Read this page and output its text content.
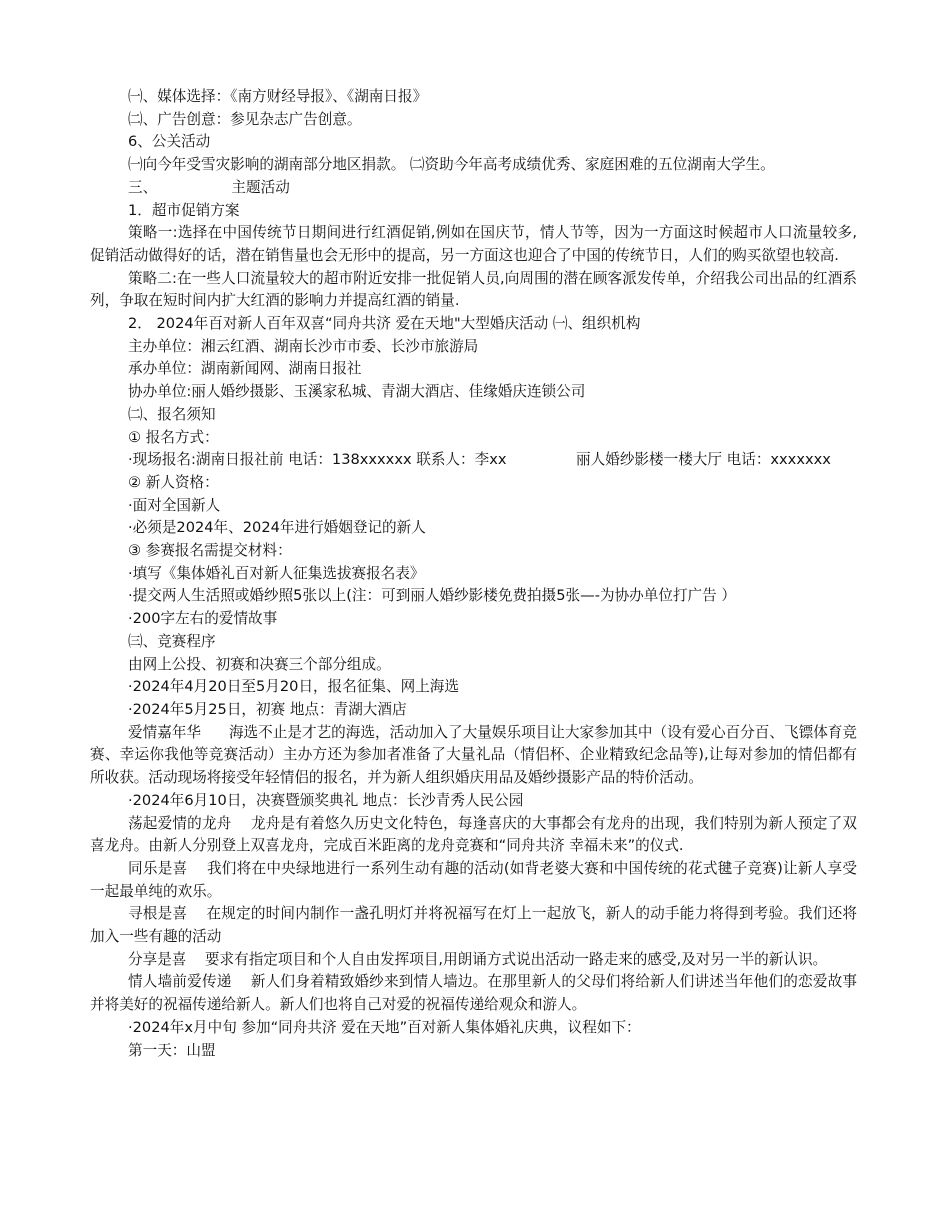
㈠、媒体选择：《南方财经导报》、《湖南日报》

㈡、广告创意：参见杂志广告创意。

6、公关活动

㈠向今年受雪灾影响的湖南部分地区捐款。 ㈡资助今年高考成绩优秀、家庭困难的五位湖南大学生。

三、                主题活动

1．超市促销方案

策略一:选择在中国传统节日期间进行红酒促销,例如在国庆节，情人节等，因为一方面这时候超市人口流量较多,促销活动做得好的话，潜在销售量也会无形中的提高，另一方面这也迎合了中国的传统节日，人们的购买欲望也较高.

策略二:在一些人口流量较大的超市附近安排一批促销人员,向周围的潜在顾客派发传单，介绍我公司出品的红酒系列，争取在短时间内扩大红酒的影响力并提高红酒的销量.

2． 2024年百对新人百年双喜“同舟共济 爱在天地"大型婚庆活动 ㈠、组织机构

主办单位：湘云红酒、湖南长沙市市委、长沙市旅游局

承办单位：湖南新闻网、湖南日报社

协办单位:丽人婚纱摄影、玉溪家私城、青湖大酒店、佳缘婚庆连锁公司

㈡、报名须知

① 报名方式：

·现场报名:湖南日报社前 电话：138xxxxxx 联系人：李xx               丽人婚纱影楼一楼大厅 电话：xxxxxxx

② 新人资格：

·面对全国新人

·必须是2024年、2024年进行婚姻登记的新人

③ 参赛报名需提交材料：

·填写《集体婚礼百对新人征集选拔赛报名表》

·提交两人生活照或婚纱照5张以上(注：可到丽人婚纱影楼免费拍摄5张—-为协办单位打广告 ）

·200字左右的爱情故事

㈢、竞赛程序

由网上公投、初赛和决赛三个部分组成。

·2024年4月20日至5月20日，报名征集、网上海选

·2024年5月25日，初赛 地点：青湖大酒店

爱情嘉年华      海选不止是才艺的海选，活动加入了大量娱乐项目让大家参加其中（设有爱心百分百、飞镖体育竞赛、幸运你我他等竞赛活动）主办方还为参加者准备了大量礼品（情侣杯、企业精致纪念品等),让每对参加的情侣都有所收获。活动现场将接受年轻情侣的报名，并为新人组织婚庆用品及婚纱摄影产品的特价活动。

·2024年6月10日，决赛暨颁奖典礼 地点：长沙青秀人民公园

荡起爱情的龙舟    龙舟是有着悠久历史文化特色，每逢喜庆的大事都会有龙舟的出现，我们特别为新人预定了双喜龙舟。由新人分别登上双喜龙舟，完成百米距离的龙舟竞赛和“同舟共济 幸福未来”的仪式.

同乐是喜    我们将在中央绿地进行一系列生动有趣的活动(如背老婆大赛和中国传统的花式毽子竞赛)让新人享受一起最单纯的欢乐。

寻根是喜    在规定的时间内制作一盏孔明灯并将祝福写在灯上一起放飞，新人的动手能力将得到考验。我们还将加入一些有趣的活动

分享是喜    要求有指定项目和个人自由发挥项目,用朗诵方式说出活动一路走来的感受,及对另一半的新认识。

情人墙前爱传递    新人们身着精致婚纱来到情人墙边。在那里新人的父母们将给新人们讲述当年他们的恋爱故事并将美好的祝福传递给新人。新人们也将自己对爱的祝福传递给观众和游人。

·2024年x月中旬 参加“同舟共济 爱在天地”百对新人集体婚礼庆典，议程如下：

第一天：山盟
